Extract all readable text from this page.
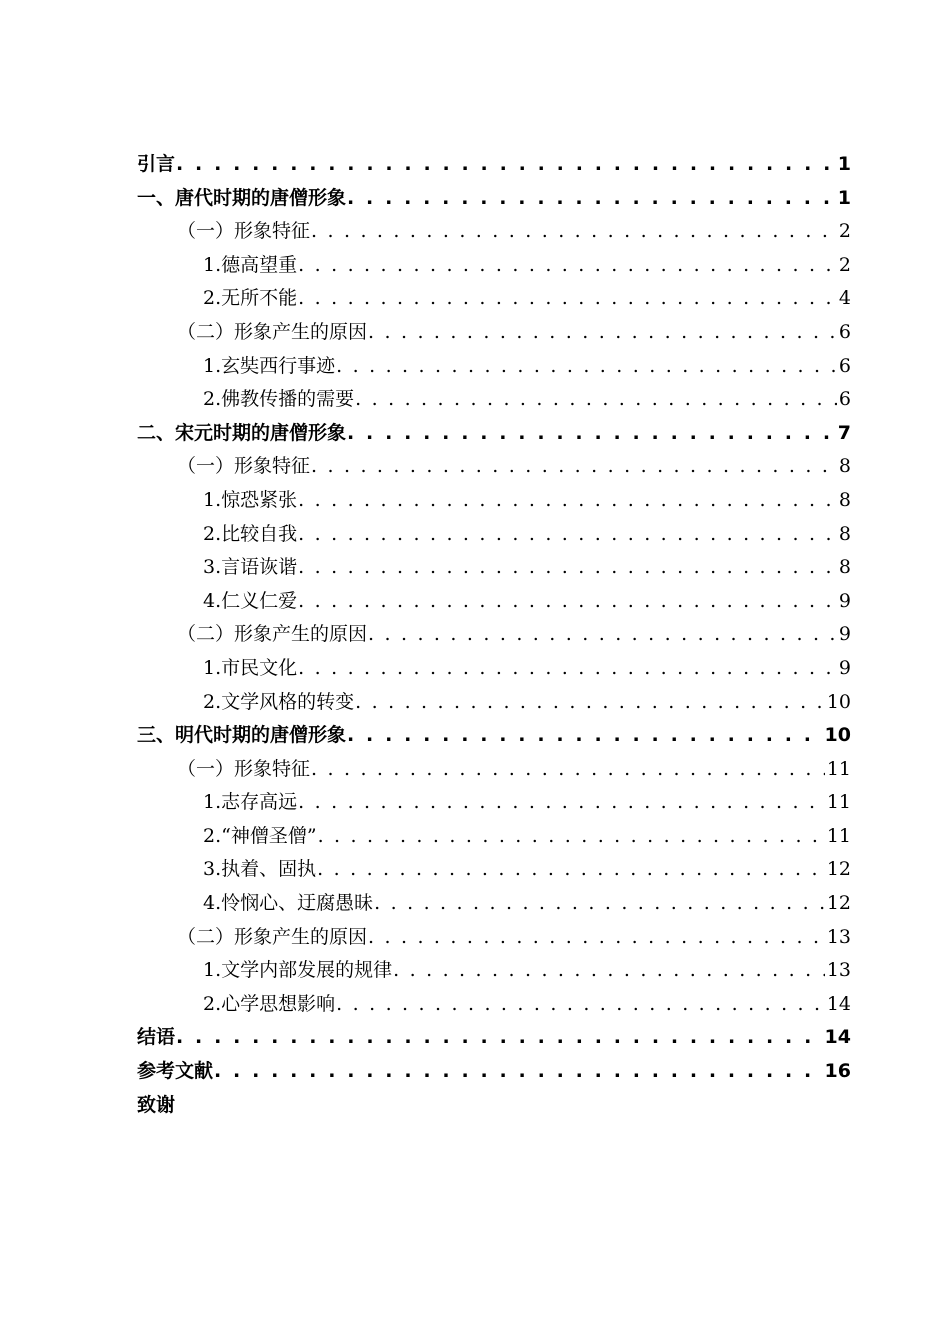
引言 . . .	1
一、唐代时期的唐僧形象 . . .	1
（一）形象特征 . . .	2
1.德高望重 . . .	2
2.无所不能 . . .	4
（二）形象产生的原因 . . .	6
1.玄奘西行事迹 . . .	6
2.佛教传播的需要 . . .	6
二、宋元时期的唐僧形象 . . .	7
（一）形象特征 . . .	8
1.惊恐紧张 . . .	8
2.比较自我 . . .	8
3.言语诙谐 . . .	8
4.仁义仁爱 . . .	9
（二）形象产生的原因 . . .	9
1.市民文化 . . .	9
2.文学风格的转变 . . .	10
三、明代时期的唐僧形象 . . .	10
（一）形象特征 . . .	11
1.志存高远 . . .	11
2.“神僧圣僧” . . .	11
3.执着、固执 . . .	12
4.怜悯心、迂腐愚昧 . . .	12
（二）形象产生的原因 . . .	13
1.文学内部发展的规律 . . .	13
2.心学思想影响 . . .	14
结语 . . .	14
参考文献 . . .	16
致谢
